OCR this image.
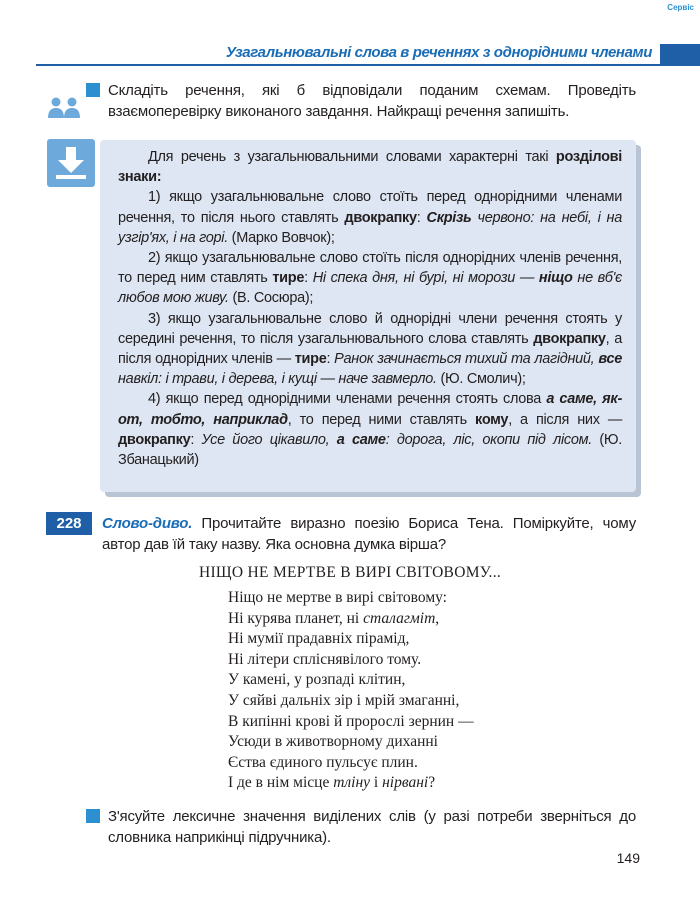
Сервіс
Узагальнювальні слова в реченнях з однорідними членами
Складіть речення, які б відповідали поданим схемам. Проведіть взаємоперевірку виконаного завдання. Найкращі речення запишіть.

Для речень з узагальнювальними словами характерні такі розділові знаки:

1) якщо узагальнювальне слово стоїть перед однорідними членами речення, то після нього ставлять двокрапку: Скрізь червоно: на небі, і на узгір'ях, і на горі. (Марко Вовчок);

2) якщо узагальнювальне слово стоїть після однорідних членів речення, то перед ним ставлять тире: Ні спека дня, ні бурі, ні морози — ніщо не вб'є любов мою живу. (В. Сосюра);

3) якщо узагальнювальне слово й однорідні члени речення стоять у середині речення, то після узагальнювального слова ставлять двокрапку, а після однорідних членів — тире: Ранок зачинається тихий та лагідний, все навкіл: і трави, і дерева, і кущі — наче завмерло. (Ю. Смолич);

4) якщо перед однорідними членами речення стоять слова а саме, як-от, тобто, наприклад, то перед ними ставлять кому, а після них — двокрапку: Усе його цікавило, а саме: дорога, ліс, окопи під лісом. (Ю. Збанацький)

228	Слово-диво. Прочитайте виразно поезію Бориса Тена. Поміркуйте, чому автор дав їй таку назву. Яка основна думка вірша?
НІЩО НЕ МЕРТВЕ В ВИРІ СВІТОВОМУ...
Ніщо не мертве в вирі світовому:
Ні курява планет, ні сталагміт,
Ні мумії прадавніх пірамід,
Ні літери спліснявілого тому.
У камені, у розпаді клітин,
У сяйві дальніх зір і мрій змаганні,
В кипінні крові й пророслі зернин —
Усюди в животворному диханні
Єства єдиного пульсує плин.
І де в нім місце тліну і нірвані?
З'ясуйте лексичне значення виділених слів (у разі потреби зверніться до словника наприкінці підручника).
149
